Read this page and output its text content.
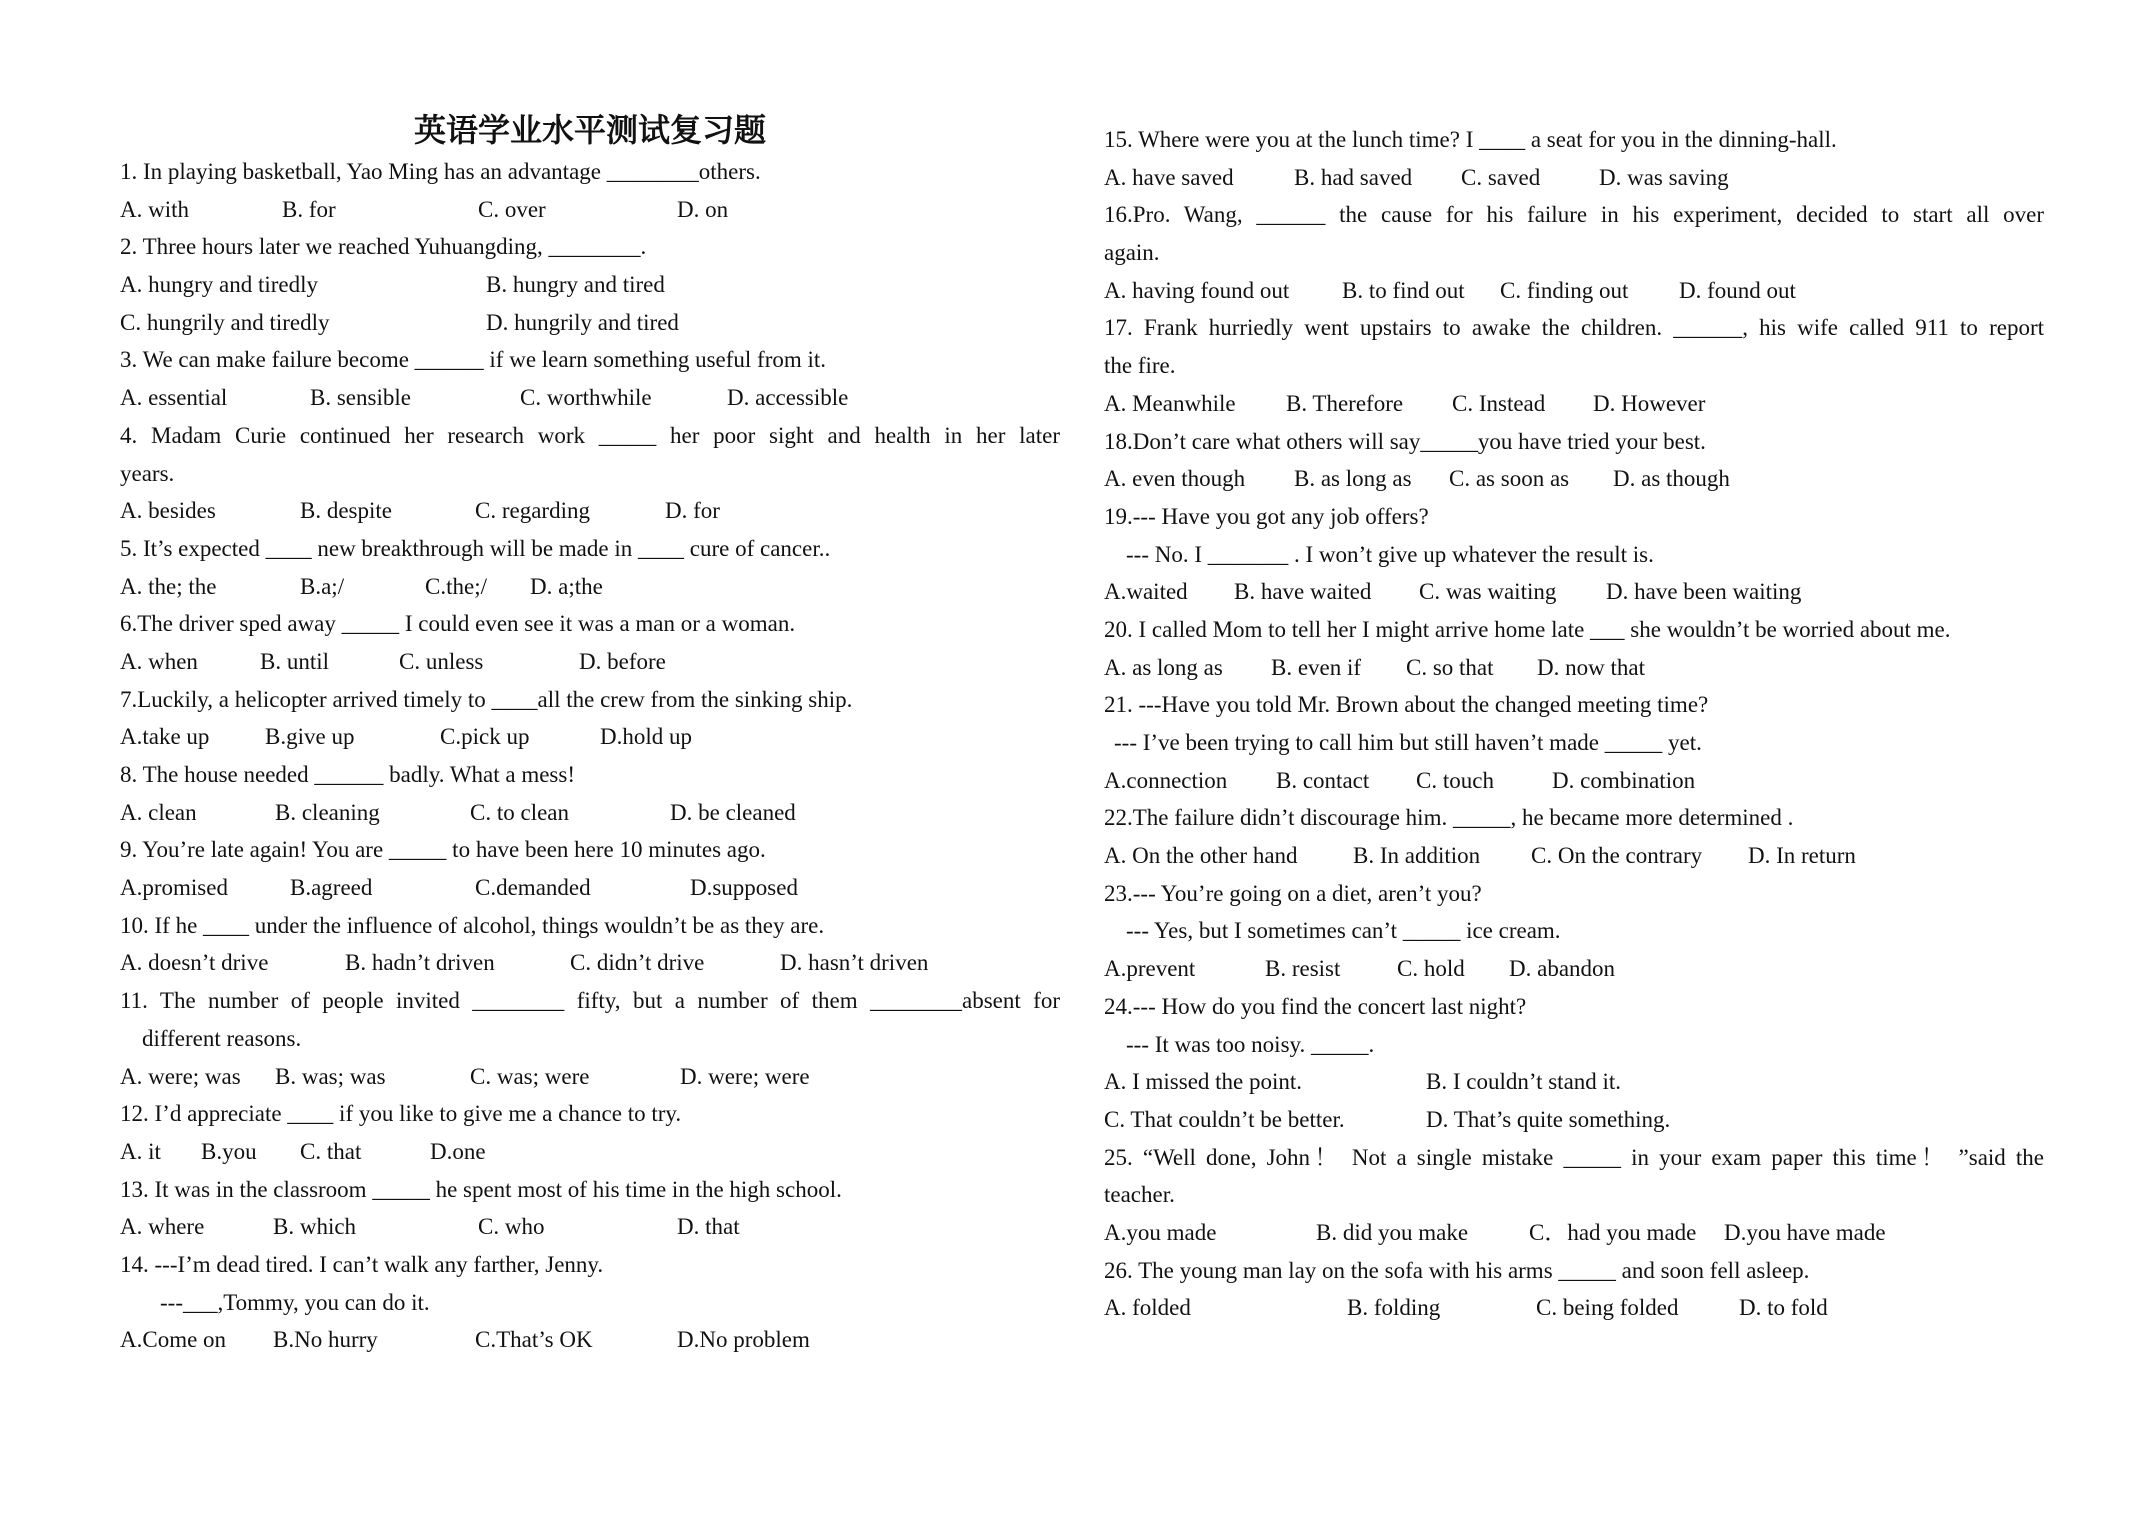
英语学业水平测试复习题
1. In playing basketball, Yao Ming has an advantage ________others.
A. with	B. for	C. over	D. on
2. Three hours later we reached Yuhuangding, ________.
A. hungry and tiredly	B. hungry and tired
C. hungrily and tiredly	D. hungrily and tired
3. We can make failure become ______ if we learn something useful from it.
A. essential	B. sensible	C. worthwhile	D. accessible
4. Madam Curie continued her research work _____ her poor sight and health in her later
years.
A. besides	B. despite	C. regarding	D. for
5. It’s expected ____ new breakthrough will be made in ____ cure of cancer..
A. the; the	B.a;/	C.the;/ D. a;the
6.The driver sped away _____ I could even see it was a man or a woman.
A. when	B. until	C. unless	D. before
7.Luckily, a helicopter arrived timely to ____all the crew from the sinking ship.
A.take up B.give up	C.pick up	D.hold up
8. The house needed ______ badly. What a mess!
A. clean	B. cleaning	C. to clean	D. be cleaned
9. You’re late again! You are _____ to have been here 10 minutes ago.
A.promised	B.agreed	C.demanded	D.supposed
10. If he ____ under the influence of alcohol, things wouldn’t be as they are.
A. doesn’t drive	B. hadn’t driven	C. didn’t drive	D. hasn’t driven
11. The number of people invited ________ fifty, but a number of them ________absent for
different reasons.
A. were; was B. was; was	C. was; were	D. were; were
12. I’d appreciate ____ if you like to give me a chance to try.
A. it B.you C. that	D.one
13. It was in the classroom _____ he spent most of his time in the high school.
A. where	B. which	C. who	D. that
14. ---I’m dead tired. I can’t walk any farther, Jenny.
---___,Tommy, you can do it.
A.Come on B.No hurry	C.That’s OK	D.No problem
15. Where were you at the lunch time? I ____ a seat for you in the dinning-hall.
A. have saved	B. had saved C. saved	D. was saving
16.Pro. Wang, ______ the cause for his failure in his experiment, decided to start all over
again.
A. having found out B. to find out C. finding out D. found out
17. Frank hurriedly went upstairs to awake the children. ______, his wife called 911 to report
the fire.
A. Meanwhile B. Therefore C. Instead D. However
18.Don’t care what others will say_____you have tried your best.
A. even though B. as long as C. as soon as D. as though
19.--- Have you got any job offers?
--- No. I _______ . I won’t give up whatever the result is.
A.waited B. have waited C. was waiting D. have been waiting
20. I called Mom to tell her I might arrive home late ___ she wouldn’t be worried about me.
A. as long as B. even if C. so that D. now that
21. ---Have you told Mr. Brown about the changed meeting time?
--- I’ve been trying to call him but still haven’t made _____ yet.
A.connection B. contact C. touch	D. combination
22.The failure didn’t discourage him. _____, he became more determined .
A. On the other hand B. In addition C. On the contrary D. In return
23.--- You’re going on a diet, aren’t you?
--- Yes, but I sometimes can’t _____ ice cream.
A.prevent	B. resist C. hold D. abandon
24.--- How do you find the concert last night?
--- It was too noisy. _____.
A. I missed the point.	B. I couldn’t stand it.
C. That couldn’t be better.	D. That’s quite something.
25. “Well done, John！ Not a single mistake _____ in your exam paper this time！ ”said the
teacher.
A.you made	B. did you make	C．had you made D.you have made
26. The young man lay on the sofa with his arms _____ and soon fell asleep.
A. folded	B. folding	C. being folded	D. to fold
